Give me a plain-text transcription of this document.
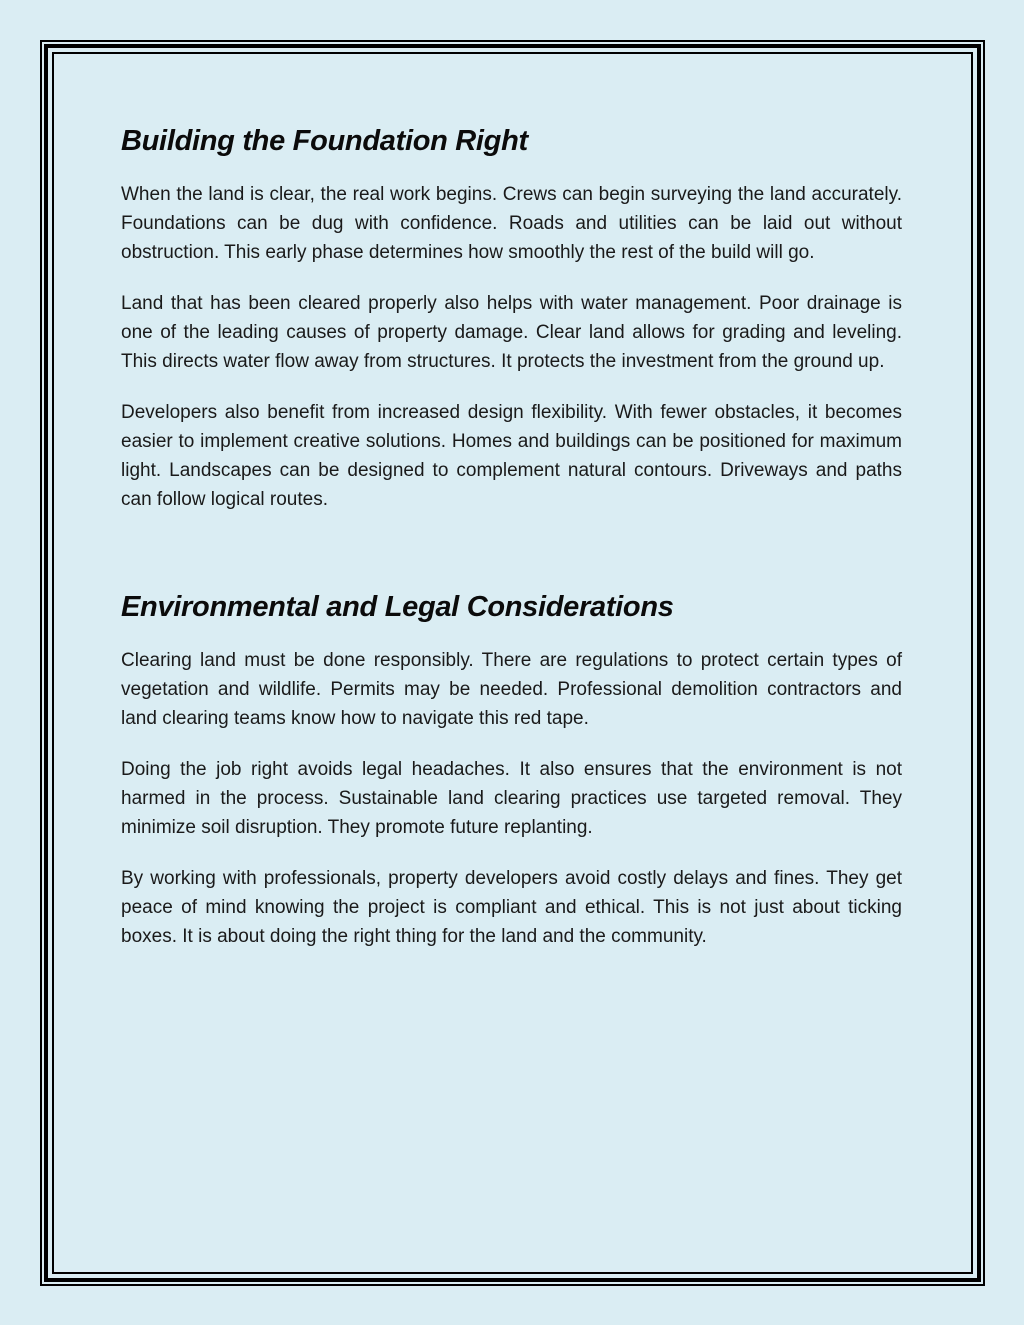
Building the Foundation Right

When the land is clear, the real work begins. Crews can begin surveying the land accurately. Foundations can be dug with confidence. Roads and utilities can be laid out without obstruction. This early phase determines how smoothly the rest of the build will go.

Land that has been cleared properly also helps with water management. Poor drainage is one of the leading causes of property damage. Clear land allows for grading and leveling. This directs water flow away from structures. It protects the investment from the ground up.

Developers also benefit from increased design flexibility. With fewer obstacles, it becomes easier to implement creative solutions. Homes and buildings can be positioned for maximum light. Landscapes can be designed to complement natural contours. Driveways and paths can follow logical routes.

Environmental and Legal Considerations

Clearing land must be done responsibly. There are regulations to protect certain types of vegetation and wildlife. Permits may be needed. Professional demolition contractors and land clearing teams know how to navigate this red tape.

Doing the job right avoids legal headaches. It also ensures that the environment is not harmed in the process. Sustainable land clearing practices use targeted removal. They minimize soil disruption. They promote future replanting.

By working with professionals, property developers avoid costly delays and fines. They get peace of mind knowing the project is compliant and ethical. This is not just about ticking boxes. It is about doing the right thing for the land and the community.
